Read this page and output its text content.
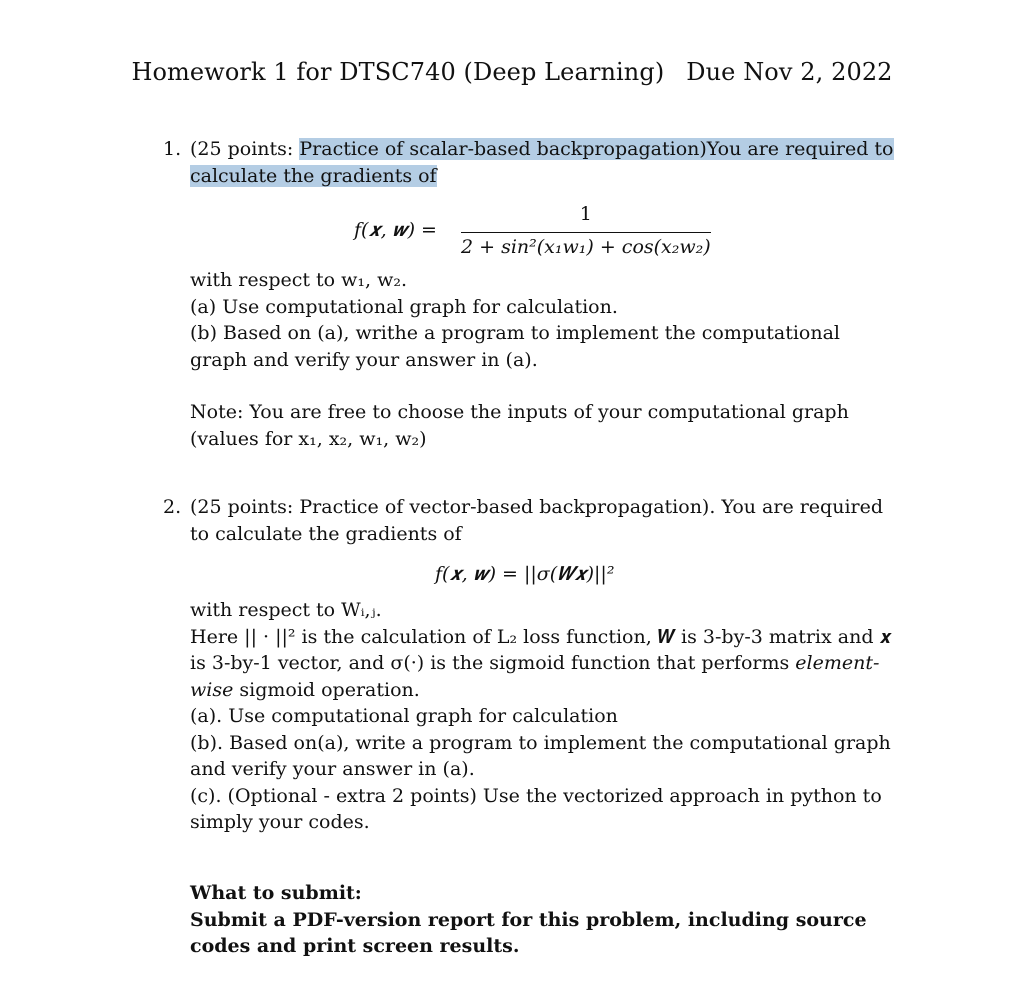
Homework 1 for DTSC740 (Deep Learning) Due Nov 2, 2022
1. (25 points: Practice of scalar-based backpropagation)You are required to calculate the gradients of
f(𝒙, 𝒘) = $\frac{1}{\text{2 + sin²(x₁w₁) + cos(x₂w₂)}}$
with respect to w₁, w₂.
(a) Use computational graph for calculation.
(b) Based on (a), writhe a program to implement the computational graph and verify your answer in (a).
Note: You are free to choose the inputs of your computational graph (values for x₁, x₂, w₁, w₂)
2. (25 points: Practice of vector-based backpropagation). You are required to calculate the gradients of
f(𝒙, 𝒘) = ||σ(𝑾𝒙)||²
with respect to Wᵢ,ⱼ.
Here || · ||² is the calculation of L₂ loss function, 𝑾 is 3-by-3 matrix and 𝒙 is 3-by-1 vector, and σ(·) is the sigmoid function that performs element-wise sigmoid operation.
(a). Use computational graph for calculation
(b). Based on(a), write a program to implement the computational graph and verify your answer in (a).
(c). (Optional - extra 2 points) Use the vectorized approach in python to simply your codes.
What to submit:
Submit a PDF-version report for this problem, including source codes and print screen results.
